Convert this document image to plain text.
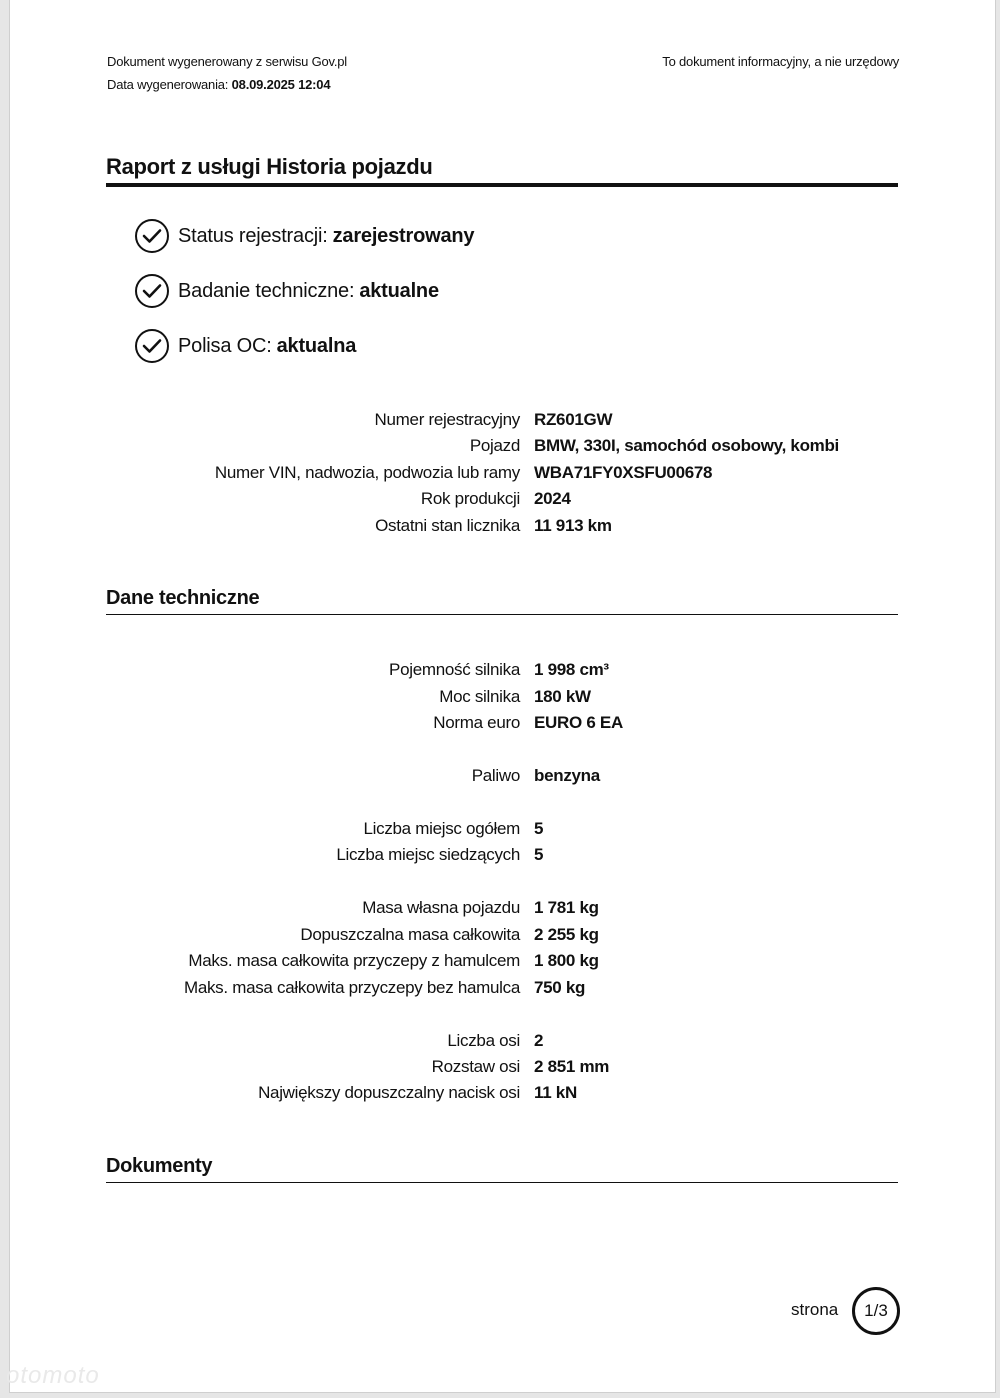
Dokument wygenerowany z serwisu Gov.pl
Data wygenerowania: 08.09.2025 12:04
To dokument informacyjny, a nie urzędowy
Raport z usługi Historia pojazdu
Status rejestracji: zarejestrowany
Badanie techniczne: aktualne
Polisa OC: aktualna
Numer rejestracyjny RZ601GW
Pojazd BMW, 330I, samochód osobowy, kombi
Numer VIN, nadwozia, podwozia lub ramy WBA71FY0XSFU00678
Rok produkcji 2024
Ostatni stan licznika 11 913 km
Dane techniczne
Pojemność silnika 1 998 cm³
Moc silnika 180 kW
Norma euro EURO 6 EA
Paliwo benzyna
Liczba miejsc ogółem 5
Liczba miejsc siedzących 5
Masa własna pojazdu 1 781 kg
Dopuszczalna masa całkowita 2 255 kg
Maks. masa całkowita przyczepy z hamulcem 1 800 kg
Maks. masa całkowita przyczepy bez hamulca 750 kg
Liczba osi 2
Rozstaw osi 2 851 mm
Największy dopuszczalny nacisk osi 11 kN
Dokumenty
strona	1/3
otomoto
